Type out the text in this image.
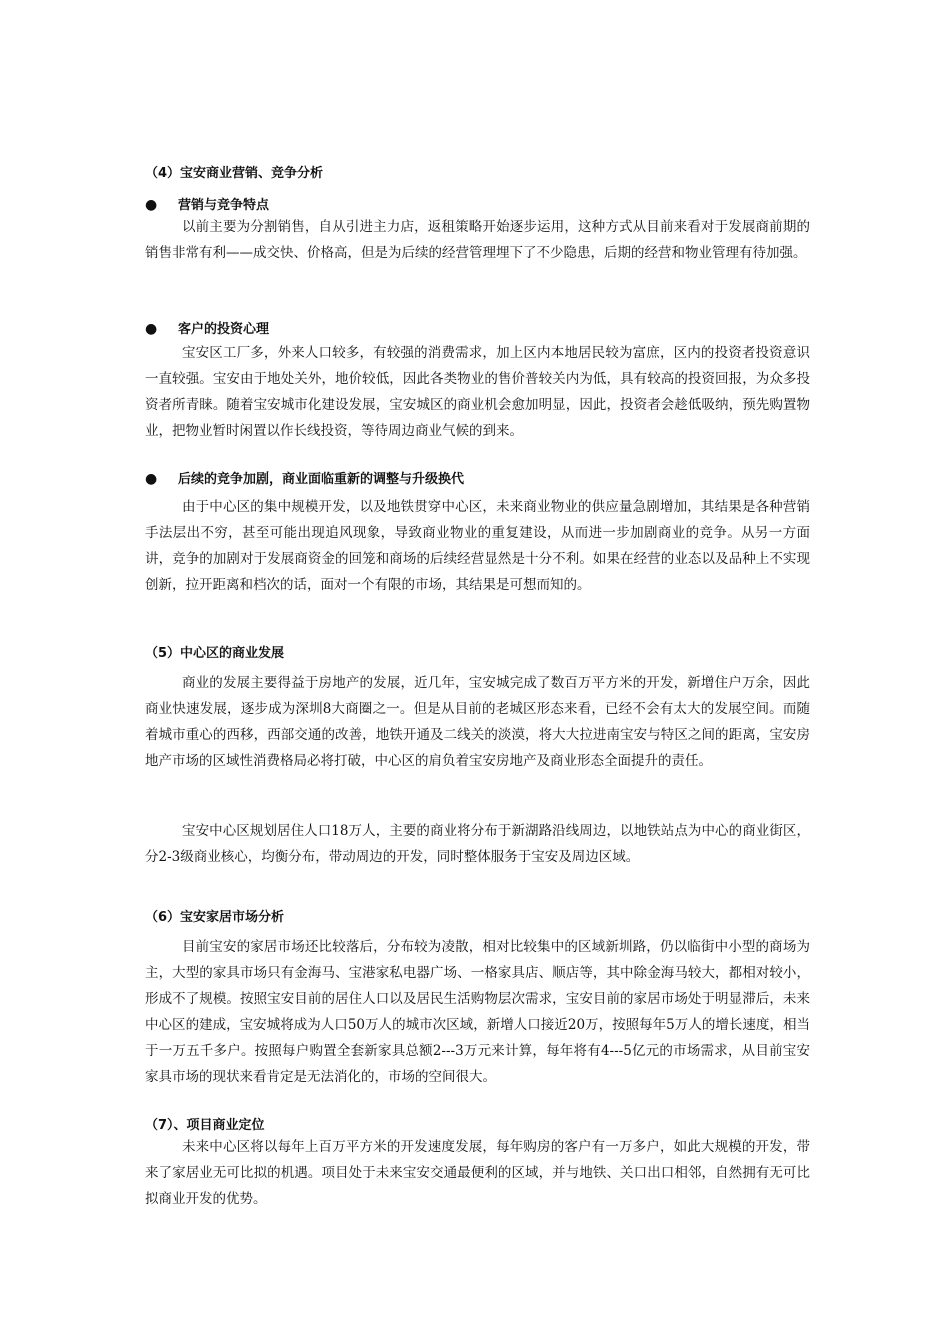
（4）宝安商业营销、竞争分析
● 营销与竞争特点

以前主要为分割销售，自从引进主力店，返租策略开始逐步运用，这种方式从目前来看对于发展商前期的销售非常有利——成交快、价格高，但是为后续的经营管理埋下了不少隐患，后期的经营和物业管理有待加强。

● 客户的投资心理

宝安区工厂多，外来人口较多，有较强的消费需求，加上区内本地居民较为富庶，区内的投资者投资意识一直较强。宝安由于地处关外，地价较低，因此各类物业的售价普较关内为低，具有较高的投资回报，为众多投资者所青睐。随着宝安城市化建设发展，宝安城区的商业机会愈加明显，因此，投资者会趁低吸纳，预先购置物业，把物业暂时闲置以作长线投资，等待周边商业气候的到来。

● 后续的竞争加剧，商业面临重新的调整与升级换代

由于中心区的集中规模开发，以及地铁贯穿中心区，未来商业物业的供应量急剧增加，其结果是各种营销手法层出不穷，甚至可能出现追风现象，导致商业物业的重复建设，从而进一步加剧商业的竞争。从另一方面讲，竞争的加剧对于发展商资金的回笼和商场的后续经营显然是十分不利。如果在经营的业态以及品种上不实现创新，拉开距离和档次的话，面对一个有限的市场，其结果是可想而知的。

（5）中心区的商业发展

商业的发展主要得益于房地产的发展，近几年，宝安城完成了数百万平方米的开发，新增住户万余，因此商业快速发展，逐步成为深圳8大商圈之一。但是从目前的老城区形态来看，已经不会有太大的发展空间。而随着城市重心的西移，西部交通的改善，地铁开通及二线关的淡漠，将大大拉进南宝安与特区之间的距离，宝安房地产市场的区域性消费格局必将打破，中心区的肩负着宝安房地产及商业形态全面提升的责任。

宝安中心区规划居住人口18万人，主要的商业将分布于新湖路沿线周边，以地铁站点为中心的商业街区，分2-3级商业核心，均衡分布，带动周边的开发，同时整体服务于宝安及周边区域。

（6）宝安家居市场分析

目前宝安的家居市场还比较落后，分布较为凌散，相对比较集中的区域新圳路，仍以临街中小型的商场为主，大型的家具市场只有金海马、宝港家私电器广场、一格家具店、顺店等，其中除金海马较大，都相对较小，形成不了规模。按照宝安目前的居住人口以及居民生活购物层次需求，宝安目前的家居市场处于明显滞后，未来中心区的建成，宝安城将成为人口50万人的城市次区域，新增人口接近20万，按照每年5万人的增长速度，相当于一万五千多户。按照每户购置全套新家具总额2---3万元来计算，每年将有4---5亿元的市场需求，从目前宝安家具市场的现状来看肯定是无法消化的，市场的空间很大。

（7）、项目商业定位

未来中心区将以每年上百万平方米的开发速度发展，每年购房的客户有一万多户，如此大规模的开发，带来了家居业无可比拟的机遇。项目处于未来宝安交通最便利的区域，并与地铁、关口出口相邻，自然拥有无可比拟商业开发的优势。
